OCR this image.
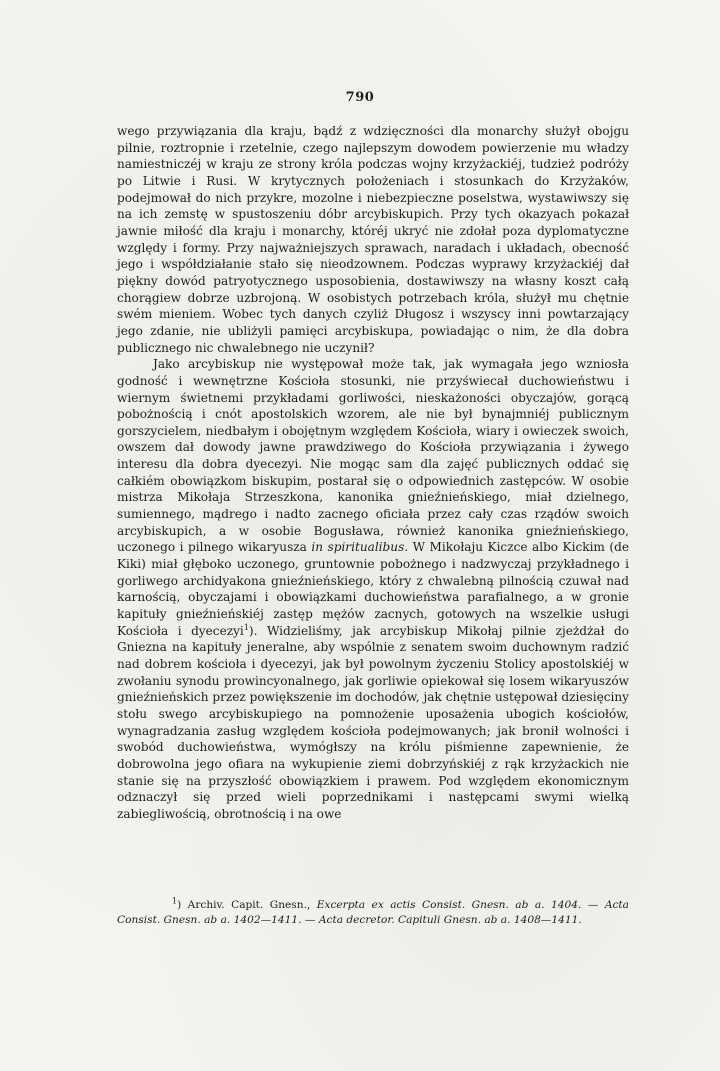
790

wego przywiązania dla kraju, bądź z wdzięczności dla monarchy służył obojgu pilnie, roztropnie i rzetelnie, czego najlepszym dowodem powierzenie mu władzy namiestniczéj w kraju ze strony króla podczas wojny krzyżackiéj, tudzież podróży po Litwie i Rusi. W krytycznych położeniach i stosunkach do Krzyżaków, podejmował do nich przykre, mozolne i niebezpieczne poselstwa, wystawiwszy się na ich zemstę w spustoszeniu dóbr arcybiskupich. Przy tych okazyach pokazał jawnie miłość dla kraju i monarchy, któréj ukryć nie zdołał poza dyplomatyczne względy i formy. Przy najważniejszych sprawach, naradach i układach, obecność jego i współdziałanie stało się nieodzownem. Podczas wyprawy krzyżackiéj dał piękny dowód patryotycznego usposobienia, dostawiwszy na własny koszt całą chorągiew dobrze uzbrojoną. W osobistych potrzebach króla, służył mu chętnie swém mieniem. Wobec tych danych czyliż Długosz i wszyscy inni powtarzający jego zdanie, nie ubliżyli pamięci arcybiskupa, powiadając o nim, że dla dobra publicznego nic chwalebnego nie uczynił?

Jako arcybiskup nie występował może tak, jak wymagała jego wzniosła godność i wewnętrzne Kościoła stosunki, nie przyświecał duchowieństwu i wiernym świetnemi przykładami gorliwości, nieskażoności obyczajów, gorącą pobożnością i cnót apostolskich wzorem, ale nie był bynajmniéj publicznym gorszycielem, niedbałym i obojętnym względem Kościoła, wiary i owieczek swoich, owszem dał dowody jawne prawdziwego do Kościoła przywiązania i żywego interesu dla dobra dyecezyi. Nie mogąc sam dla zajęć publicznych oddać się całkiém obowiązkom biskupim, postarał się o odpowiednich zastępców. W osobie mistrza Mikołaja Strzeszkona, kanonika gnieźnieńskiego, miał dzielnego, sumiennego, mądrego i nadto zacnego oficiała przez cały czas rządów swoich arcybiskupich, a w osobie Bogusława, również kanonika gnieźnieńskiego, uczonego i pilnego wikaryusza in spiritualibus. W Mikołaju Kiczce albo Kickim (de Kiki) miał głęboko uczonego, gruntownie pobożnego i nadzwyczaj przykładnego i gorliwego archidyakona gnieźnieńskiego, który z chwalebną pilnością czuwał nad karnością, obyczajami i obowiązkami duchowieństwa parafialnego, a w gronie kapituły gnieźnieńskiéj zastęp mężów zacnych, gotowych na wszelkie usługi Kościoła i dyecezyi$^1$). Widzieliśmy, jak arcybiskup Mikołaj pilnie zjeżdżał do Gniezna na kapituły jeneralne, aby wspólnie z senatem swoim duchownym radzić nad dobrem kościoła i dyecezyi, jak był powolnym życzeniu Stolicy apostolskiéj w zwołaniu synodu prowincyonalnego, jak gorliwie opiekował się losem wikaryuszów gnieźnieńskich przez powiększenie im dochodów, jak chętnie ustępował dziesięciny stołu swego arcybiskupiego na pomnożenie uposażenia ubogich kościołów, wynagradzania zasług względem kościoła podejmowanych; jak bronił wolności i swobód duchowieństwa, wymógłszy na królu piśmienne zapewnienie, że dobrowolna jego ofiara na wykupienie ziemi dobrzyńskiéj z rąk krzyżackich nie stanie się na przyszłość obowiązkiem i prawem. Pod względem ekonomicznym odznaczył się przed wieli poprzednikami i następcami swymi wielką zabiegliwością, obrotnością i na owe

$^1$) Archiv. Capit. Gnesn., Excerpta ex actis Consist. Gnesn. ab a. 1404. — Acta Consist. Gnesn. ab a. 1402—1411. — Acta decretor. Capituli Gnesn. ab a. 1408—1411.
